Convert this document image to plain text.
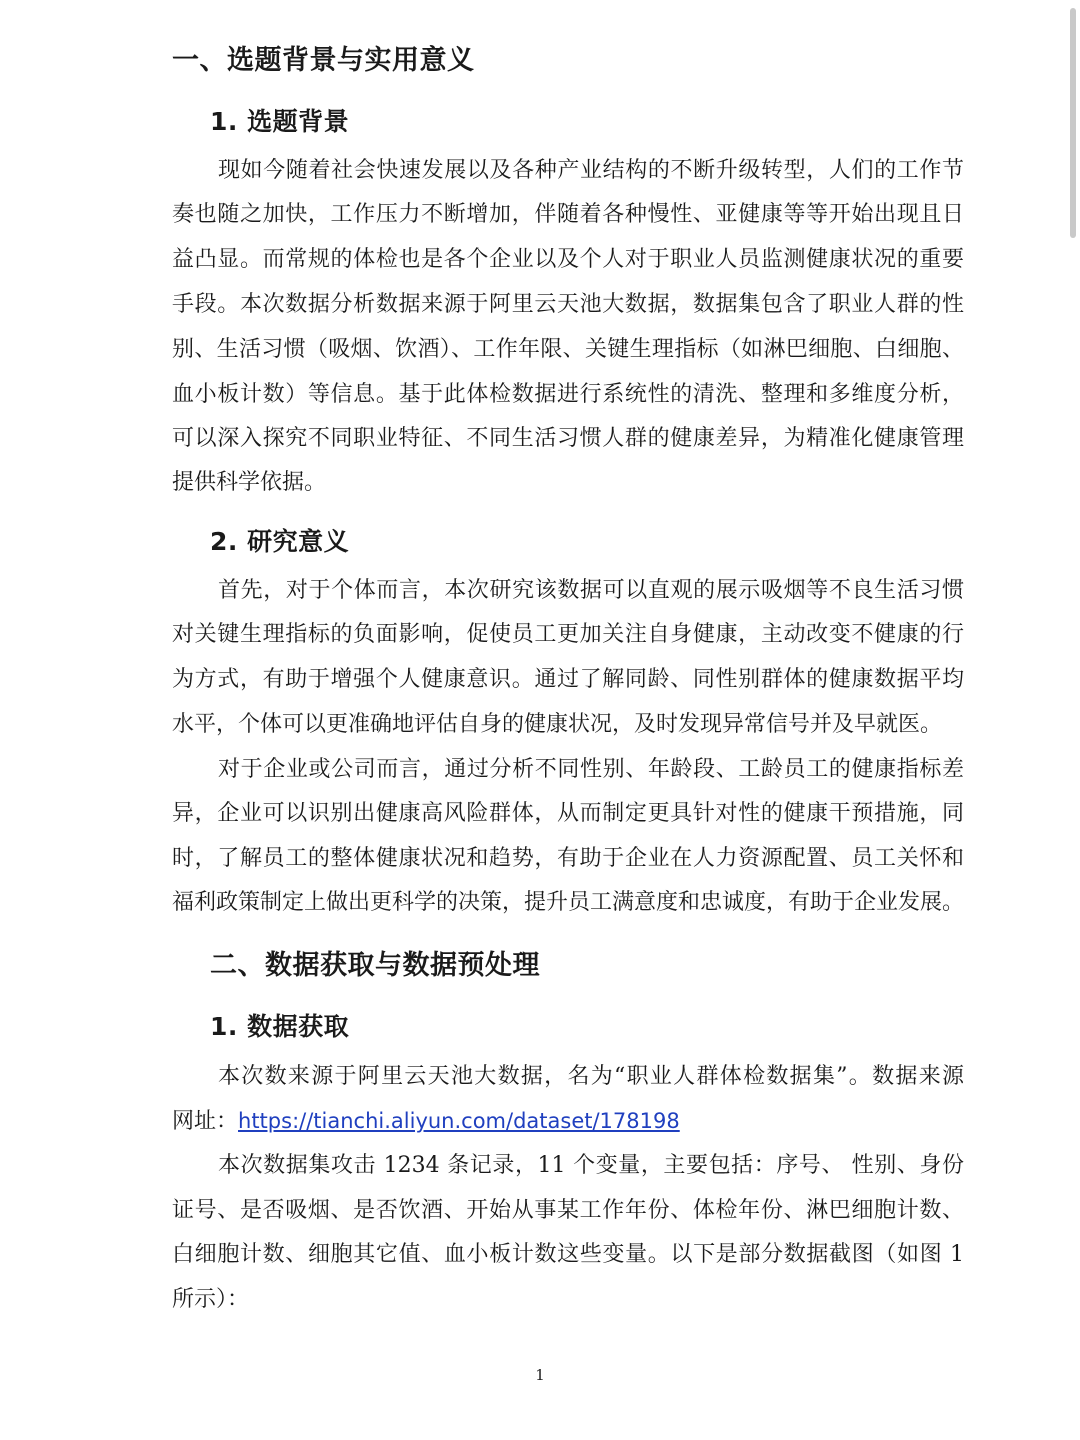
一、选题背景与实用意义
1. 选题背景
现如今随着社会快速发展以及各种产业结构的不断升级转型，人们的工作节
奏也随之加快，工作压力不断增加，伴随着各种慢性、亚健康等等开始出现且日
益凸显。而常规的体检也是各个企业以及个人对于职业人员监测健康状况的重要
手段。本次数据分析数据来源于阿里云天池大数据，数据集包含了职业人群的性
别、生活习惯（吸烟、饮酒）、工作年限、关键生理指标（如淋巴细胞、白细胞、
血小板计数）等信息。基于此体检数据进行系统性的清洗、整理和多维度分析，
可以深入探究不同职业特征、不同生活习惯人群的健康差异，为精准化健康管理
提供科学依据。
2. 研究意义
首先，对于个体而言，本次研究该数据可以直观的展示吸烟等不良生活习惯
对关键生理指标的负面影响，促使员工更加关注自身健康，主动改变不健康的行
为方式，有助于增强个人健康意识。通过了解同龄、同性别群体的健康数据平均
水平，个体可以更准确地评估自身的健康状况，及时发现异常信号并及早就医。
对于企业或公司而言，通过分析不同性别、年龄段、工龄员工的健康指标差
异，企业可以识别出健康高风险群体，从而制定更具针对性的健康干预措施，同
时，了解员工的整体健康状况和趋势，有助于企业在人力资源配置、员工关怀和
福利政策制定上做出更科学的决策，提升员工满意度和忠诚度，有助于企业发展。
二、数据获取与数据预处理
1. 数据获取
本次数来源于阿里云天池大数据，名为“职业人群体检数据集”。数据来源
网址：https://tianchi.aliyun.com/dataset/178198
本次数据集攻击 1234 条记录，11 个变量，主要包括：序号、 性别、身份
证号、是否吸烟、是否饮酒、开始从事某工作年份、体检年份、淋巴细胞计数、
白细胞计数、细胞其它值、血小板计数这些变量。以下是部分数据截图（如图 1
所示）：
1
